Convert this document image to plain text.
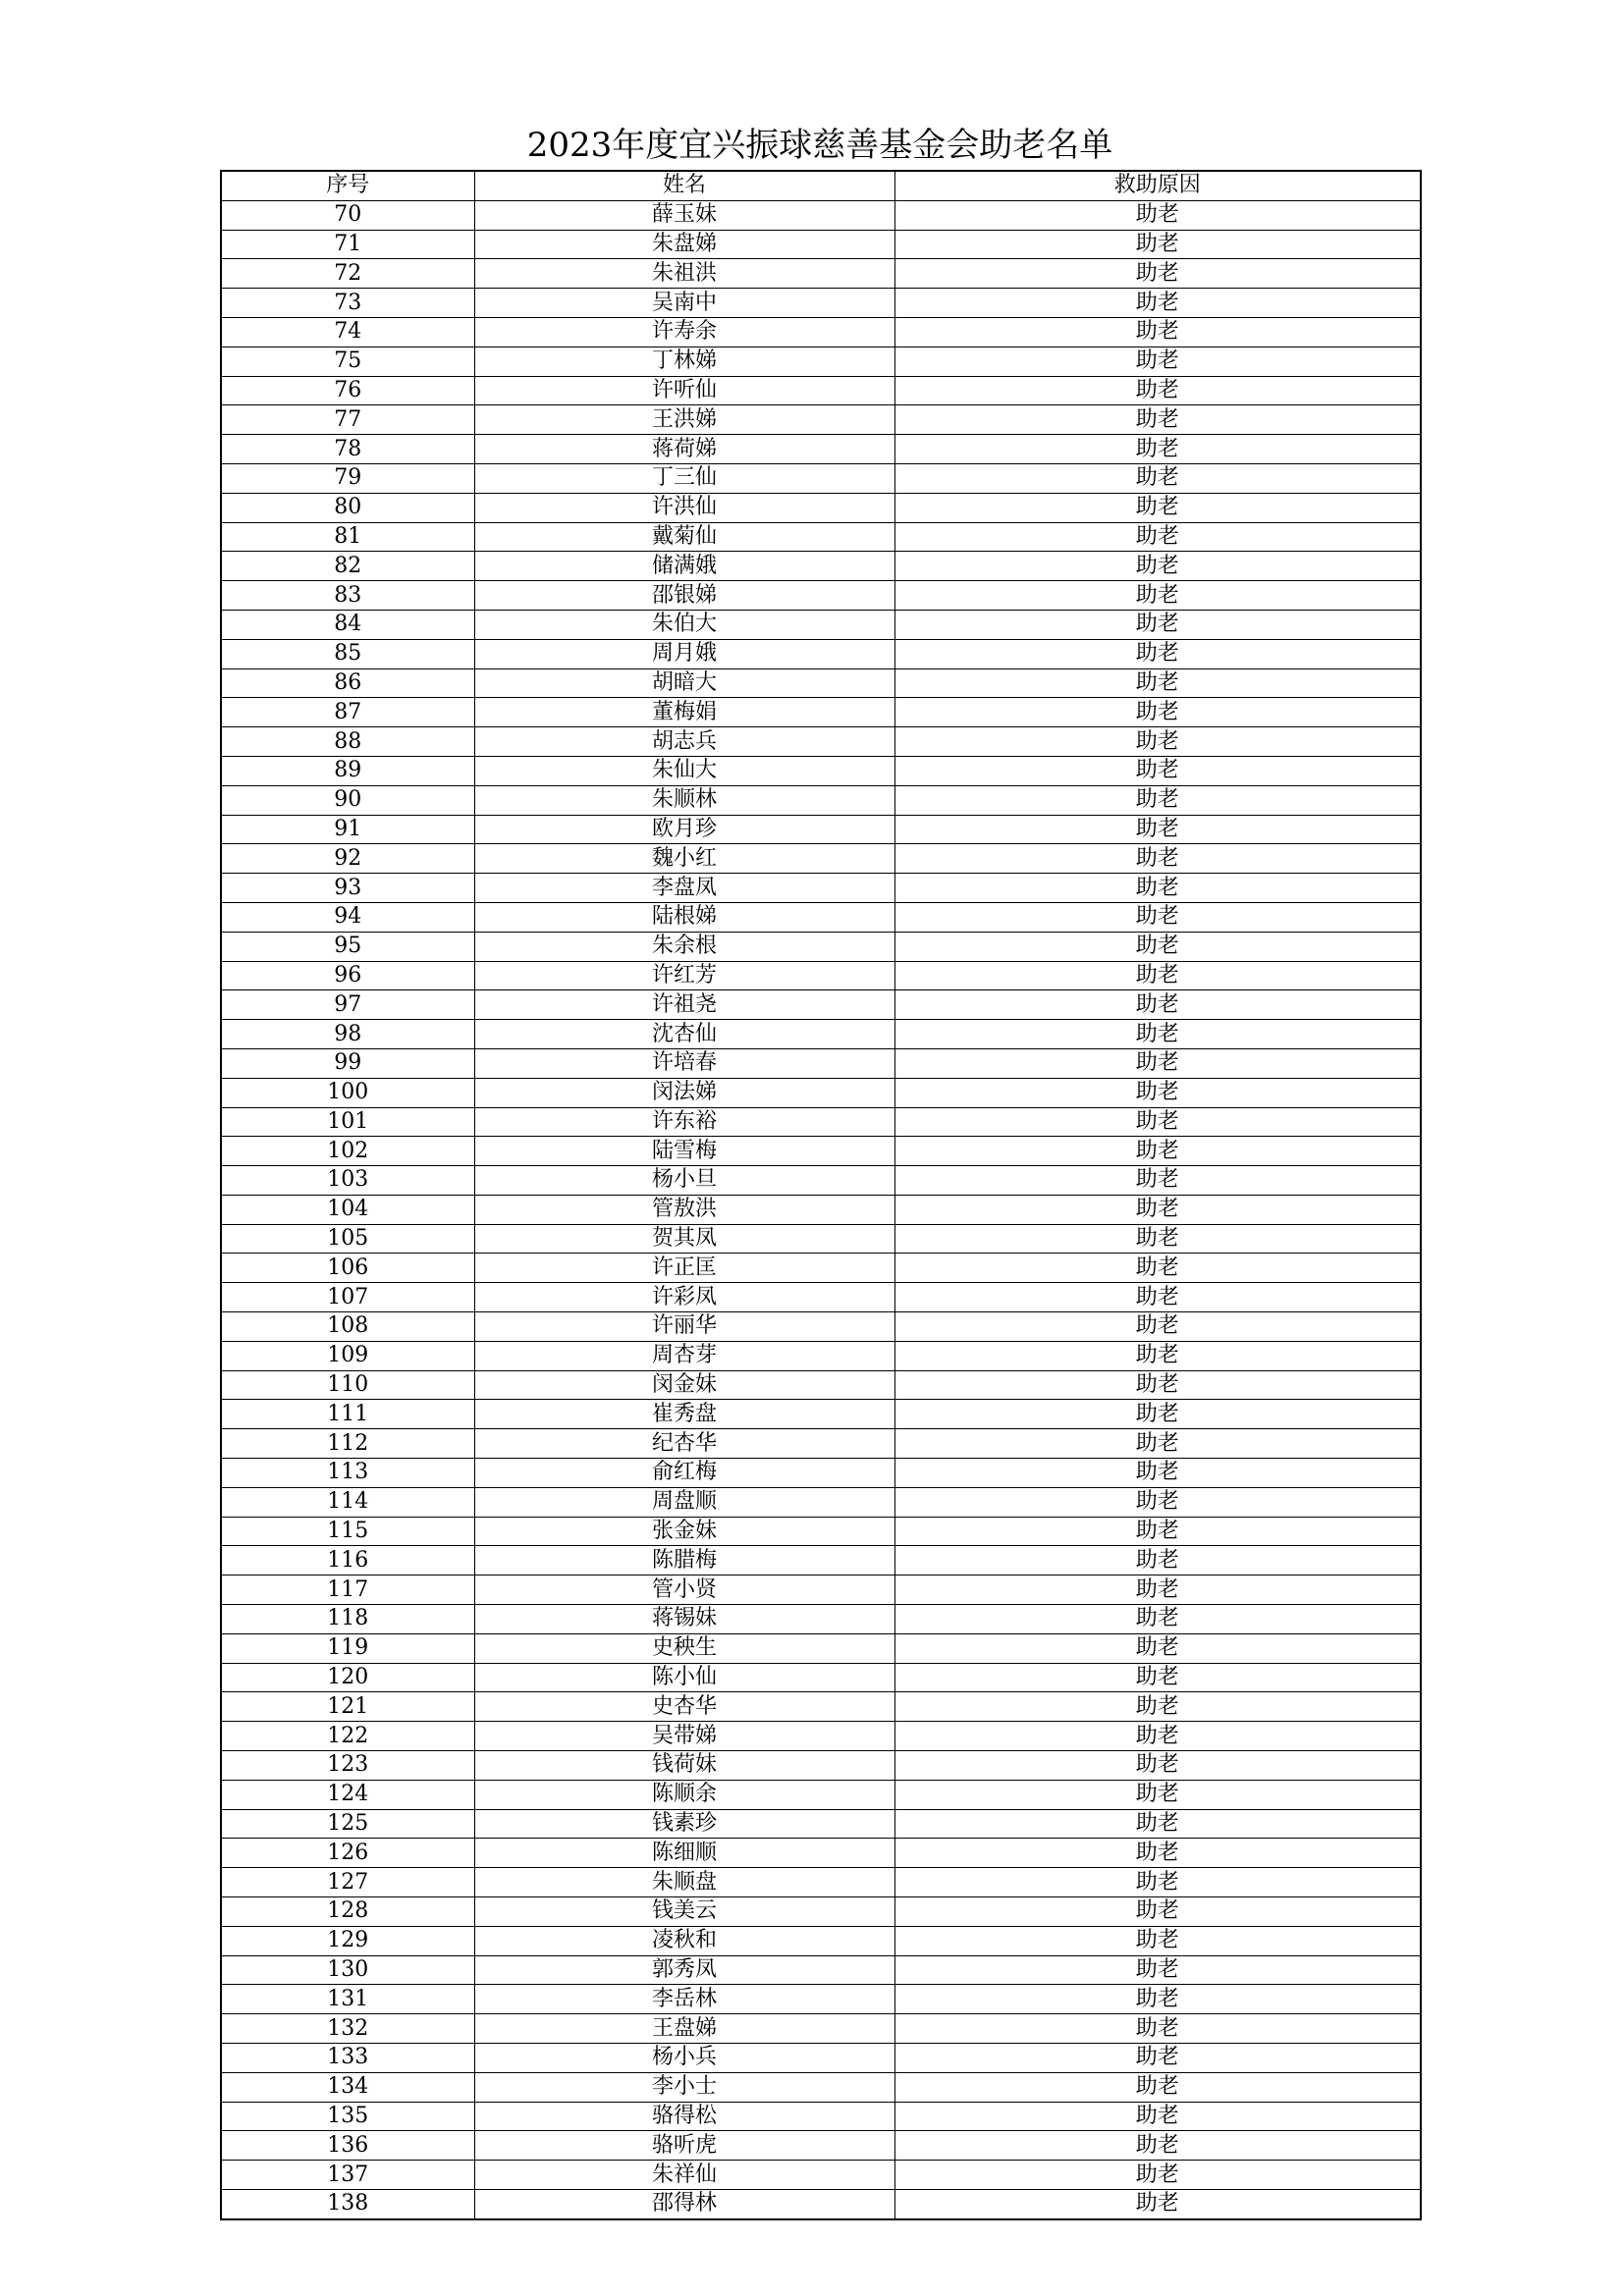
2023年度宜兴振球慈善基金会助老名单
序号	姓名	救助原因
70	薛玉妹	助老
71	朱盘娣	助老
72	朱祖洪	助老
73	吴南中	助老
74	许寿余	助老
75	丁林娣	助老
76	许听仙	助老
77	王洪娣	助老
78	蒋荷娣	助老
79	丁三仙	助老
80	许洪仙	助老
81	戴菊仙	助老
82	储满娥	助老
83	邵银娣	助老
84	朱伯大	助老
85	周月娥	助老
86	胡暗大	助老
87	董梅娟	助老
88	胡志兵	助老
89	朱仙大	助老
90	朱顺林	助老
91	欧月珍	助老
92	魏小红	助老
93	李盘凤	助老
94	陆根娣	助老
95	朱余根	助老
96	许红芳	助老
97	许祖尧	助老
98	沈杏仙	助老
99	许培春	助老
100	闵法娣	助老
101	许东裕	助老
102	陆雪梅	助老
103	杨小旦	助老
104	管敖洪	助老
105	贺其凤	助老
106	许正匡	助老
107	许彩凤	助老
108	许丽华	助老
109	周杏芽	助老
110	闵金妹	助老
111	崔秀盘	助老
112	纪杏华	助老
113	俞红梅	助老
114	周盘顺	助老
115	张金妹	助老
116	陈腊梅	助老
117	管小贤	助老
118	蒋锡妹	助老
119	史秧生	助老
120	陈小仙	助老
121	史杏华	助老
122	吴带娣	助老
123	钱荷妹	助老
124	陈顺余	助老
125	钱素珍	助老
126	陈细顺	助老
127	朱顺盘	助老
128	钱美云	助老
129	凌秋和	助老
130	郭秀凤	助老
131	李岳林	助老
132	王盘娣	助老
133	杨小兵	助老
134	李小士	助老
135	骆得松	助老
136	骆听虎	助老
137	朱祥仙	助老
138	邵得林	助老
